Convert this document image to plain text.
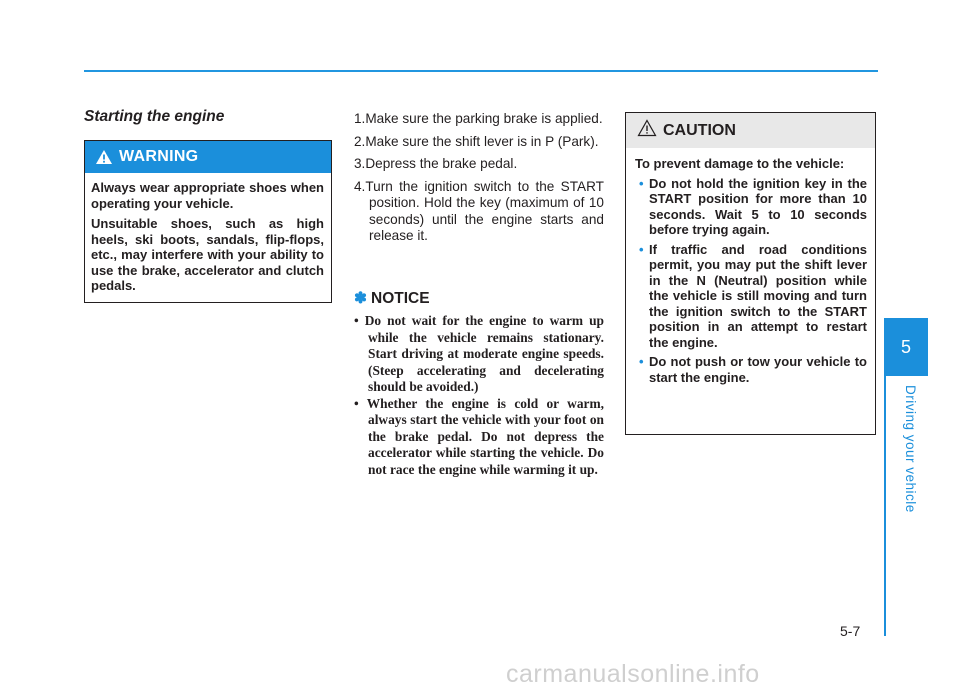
Starting the engine
WARNING

Always wear appropriate shoes when operating your vehicle.

Unsuitable shoes, such as high heels, ski boots, sandals, flip-flops, etc., may interfere with your ability to use the brake, accelerator and clutch pedals.

1.Make sure the parking brake is applied.
2.Make sure the shift lever is in P (Park).
3.Depress the brake pedal.
4.Turn the ignition switch to the START position. Hold the key (maximum of 10 seconds) until the engine starts and release it.
✽ NOTICE
• Do not wait for the engine to warm up while the vehicle remains stationary. Start driving at moderate engine speeds. (Steep accelerating and decelerating should be avoided.)
• Whether the engine is cold or warm, always start the vehicle with your foot on the brake pedal. Do not depress the accelerator while starting the vehicle. Do not race the engine while warming it up.
CAUTION

To prevent damage to the vehicle:

• Do not hold the ignition key in the START position for more than 10 seconds. Wait 5 to 10 seconds before trying again.
• If traffic and road conditions permit, you may put the shift lever in the N (Neutral) position while the vehicle is still moving and turn the ignition switch to the START position in an attempt to restart the engine.
• Do not push or tow your vehicle to start the engine.
5
Driving your vehicle
5-7
carmanualsonline.info
